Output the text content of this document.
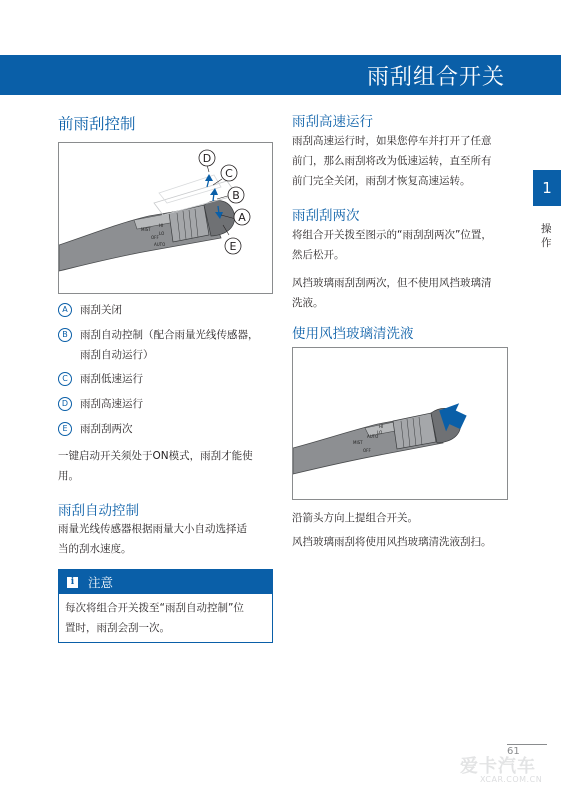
雨刮组合开关
前雨刮控制
MIST
OFF
AUTO
LO
HI
D
C
B
A
E
A	雨刮关闭
B	雨刮自动控制（配合雨量光线传感器，
雨刮自动运行）
C	雨刮低速运行
D	雨刮高速运行
E	雨刮刮两次
一键启动开关须处于ON模式，雨刮才能使
用。
雨刮自动控制
雨量光线传感器根据雨量大小自动选择适
当的刮水速度。
i	注意
每次将组合开关拨至“雨刮自动控制”位
置时，雨刮会刮一次。
雨刮高速运行
雨刮高速运行时，如果您停车并打开了任意
前门，那么雨刮将改为低速运转，直至所有
前门完全关闭，雨刮才恢复高速运转。
雨刮刮两次
将组合开关拨至图示的“雨刮刮两次”位置，
然后松开。
风挡玻璃雨刮刮两次，但不使用风挡玻璃清
洗液。
使用风挡玻璃清洗液
MIST
OFF
AUTO
LO
HI
沿箭头方向上提组合开关。
风挡玻璃雨刮将使用风挡玻璃清洗液刮扫。
1
操
作
61
爱卡汽车
XCAR.COM.CN
